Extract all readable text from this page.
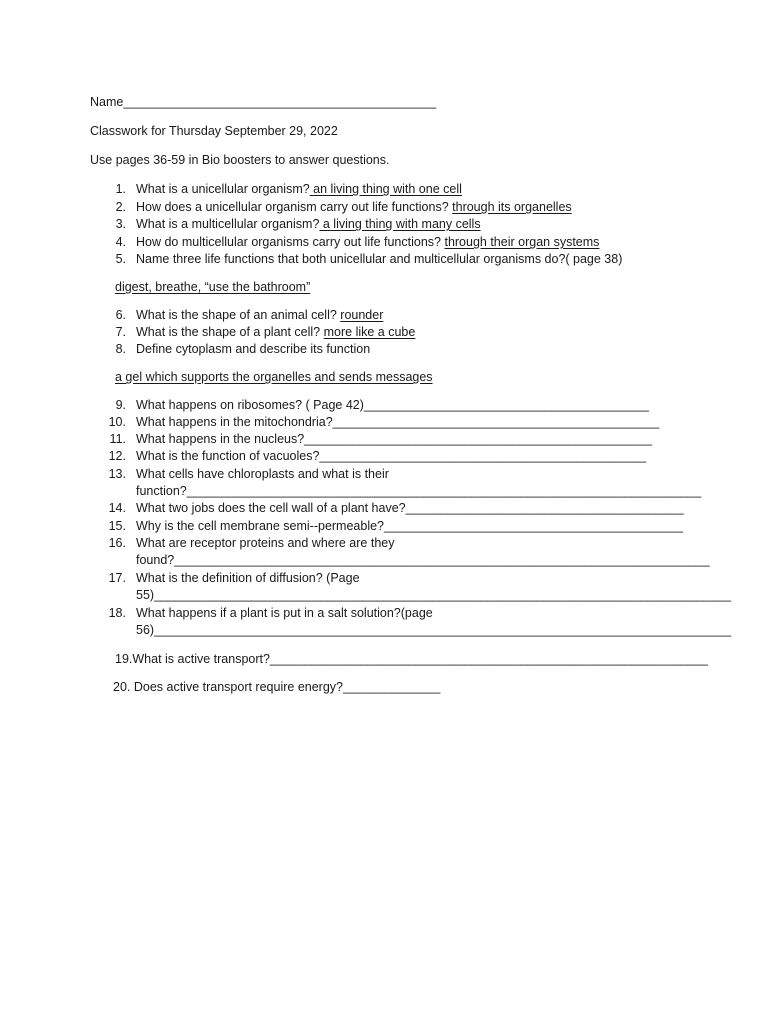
Name_____________________________________________
Classwork for Thursday September 29, 2022
Use pages 36-59 in Bio boosters to answer questions.
1. What is a unicellular organism? an living thing with one cell
2. How does a unicellular organism carry out life functions? through its organelles
3. What is a multicellular organism? a living thing with many cells
4. How do multicellular organisms carry out life functions? through their organ systems
5. Name three life functions that both unicellular and multicellular organisms do?( page 38)
digest, breathe, “use the bathroom”
6. What is the shape of an animal cell? rounder
7. What is the shape of a plant cell? more like a cube
8. Define cytoplasm and describe its function
a gel which supports the organelles and sends messages
9. What happens on ribosomes? ( Page 42)_________________________________________
10. What happens in the mitochondria?_______________________________________________
11. What happens in the nucleus?__________________________________________________
12. What is the function of vacuoles?_______________________________________________
13. What cells have chloroplasts and what is their
function?__________________________________________________________________________
14. What two jobs does the cell wall of a plant have?________________________________________
15. Why is the cell membrane semi--permeable?___________________________________________
16. What are receptor proteins and where are they
found?_____________________________________________________________________________
17. What is the definition of diffusion? (Page
55)___________________________________________________________________________________
18. What happens if a plant is put in a salt solution?(page
56)___________________________________________________________________________________
19.What is active transport?_______________________________________________________________
20. Does active transport require energy?______________
